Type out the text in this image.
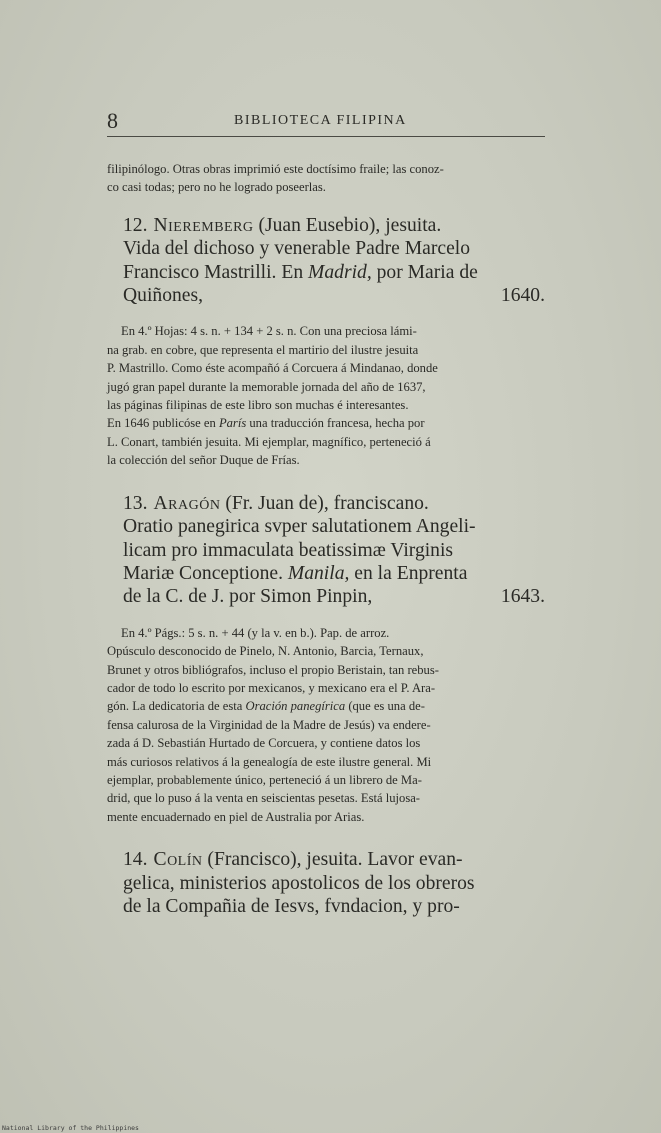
8	BIBLIOTECA FILIPINA

filipinólogo. Otras obras imprimió este doctísimo fraile; las conoz-
co casi todas; pero no he logrado poseerlas.

12. Nieremberg (Juan Eusebio), jesuita.
Vida del dichoso y venerable Padre Marcelo
Francisco Mastrilli. En Madrid, por Maria de
Quiñones,	1640.

En 4.º Hojas: 4 s. n. + 134 + 2 s. n. Con una preciosa lámi-
na grab. en cobre, que representa el martirio del ilustre jesuita
P. Mastrillo. Como éste acompañó á Corcuera á Mindanao, donde
jugó gran papel durante la memorable jornada del año de 1637,
las páginas filipinas de este libro son muchas é interesantes.
En 1646 publicóse en París una traducción francesa, hecha por
L. Conart, también jesuita. Mi ejemplar, magnífico, perteneció á
la colección del señor Duque de Frías.

13. Aragón (Fr. Juan de), franciscano.
Oratio panegirica svper salutationem Angeli-
licam pro immaculata beatissimæ Virginis
Mariæ Conceptione. Manila, en la Enprenta
de la C. de J. por Simon Pinpin,	1643.

En 4.º Págs.: 5 s. n. + 44 (y la v. en b.). Pap. de arroz.
Opúsculo desconocido de Pinelo, N. Antonio, Barcia, Ternaux,
Brunet y otros bibliógrafos, incluso el propio Beristain, tan rebus-
cador de todo lo escrito por mexicanos, y mexicano era el P. Ara-
gón. La dedicatoria de esta Oración panegírica (que es una de-
fensa calurosa de la Virginidad de la Madre de Jesús) va endere-
zada á D. Sebastián Hurtado de Corcuera, y contiene datos los
más curiosos relativos á la genealogía de este ilustre general. Mi
ejemplar, probablemente único, perteneció á un librero de Ma-
drid, que lo puso á la venta en seiscientas pesetas. Está lujosa-
mente encuadernado en piel de Australia por Arias.

14. Colín (Francisco), jesuita. Lavor evan-
gelica, ministerios apostolicos de los obreros
de la Compañia de Iesvs, fvndacion, y pro-

National Library of the Philippines
